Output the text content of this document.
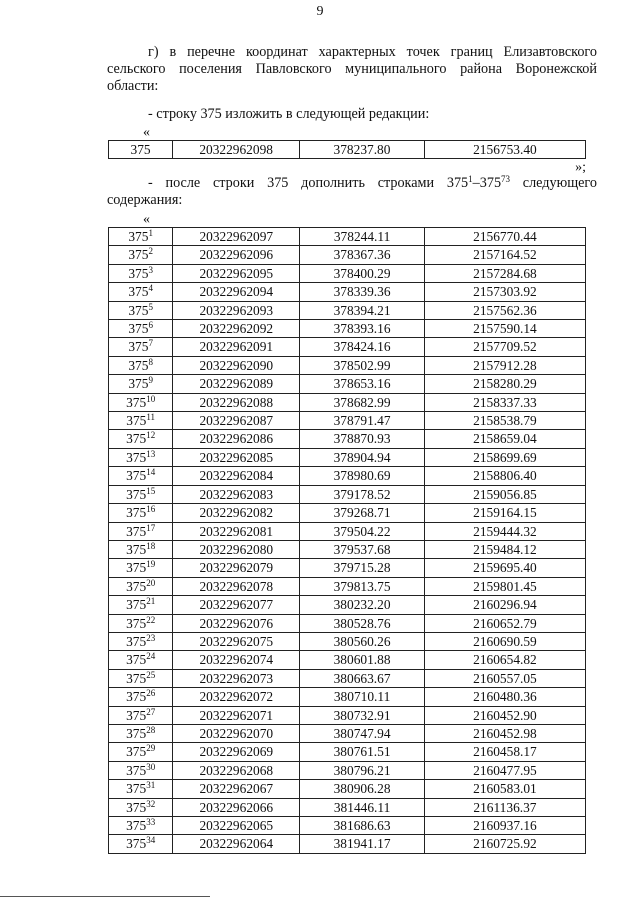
9
г) в перечне координат характерных точек границ Елизавтовского сельского поселения Павловского муниципального района Воронежской области:
- строку 375 изложить в следующей редакции:
«
375	20322962098	378237.80	2156753.40
»;
- после строки 375 дополнить строками $375^1-375^{73}$ следующего содержания:
«
$375^1$	20322962097	378244.11	2156770.44
$375^2$	20322962096	378367.36	2157164.52
$375^3$	20322962095	378400.29	2157284.68
$375^4$	20322962094	378339.36	2157303.92
$375^5$	20322962093	378394.21	2157562.36
$375^6$	20322962092	378393.16	2157590.14
$375^7$	20322962091	378424.16	2157709.52
$375^8$	20322962090	378502.99	2157912.28
$375^9$	20322962089	378653.16	2158280.29
$375^{10}$	20322962088	378682.99	2158337.33
$375^{11}$	20322962087	378791.47	2158538.79
$375^{12}$	20322962086	378870.93	2158659.04
$375^{13}$	20322962085	378904.94	2158699.69
$375^{14}$	20322962084	378980.69	2158806.40
$375^{15}$	20322962083	379178.52	2159056.85
$375^{16}$	20322962082	379268.71	2159164.15
$375^{17}$	20322962081	379504.22	2159444.32
$375^{18}$	20322962080	379537.68	2159484.12
$375^{19}$	20322962079	379715.28	2159695.40
$375^{20}$	20322962078	379813.75	2159801.45
$375^{21}$	20322962077	380232.20	2160296.94
$375^{22}$	20322962076	380528.76	2160652.79
$375^{23}$	20322962075	380560.26	2160690.59
$375^{24}$	20322962074	380601.88	2160654.82
$375^{25}$	20322962073	380663.67	2160557.05
$375^{26}$	20322962072	380710.11	2160480.36
$375^{27}$	20322962071	380732.91	2160452.90
$375^{28}$	20322962070	380747.94	2160452.98
$375^{29}$	20322962069	380761.51	2160458.17
$375^{30}$	20322962068	380796.21	2160477.95
$375^{31}$	20322962067	380906.28	2160583.01
$375^{32}$	20322962066	381446.11	2161136.37
$375^{33}$	20322962065	381686.63	2160937.16
$375^{34}$	20322962064	381941.17	2160725.92
